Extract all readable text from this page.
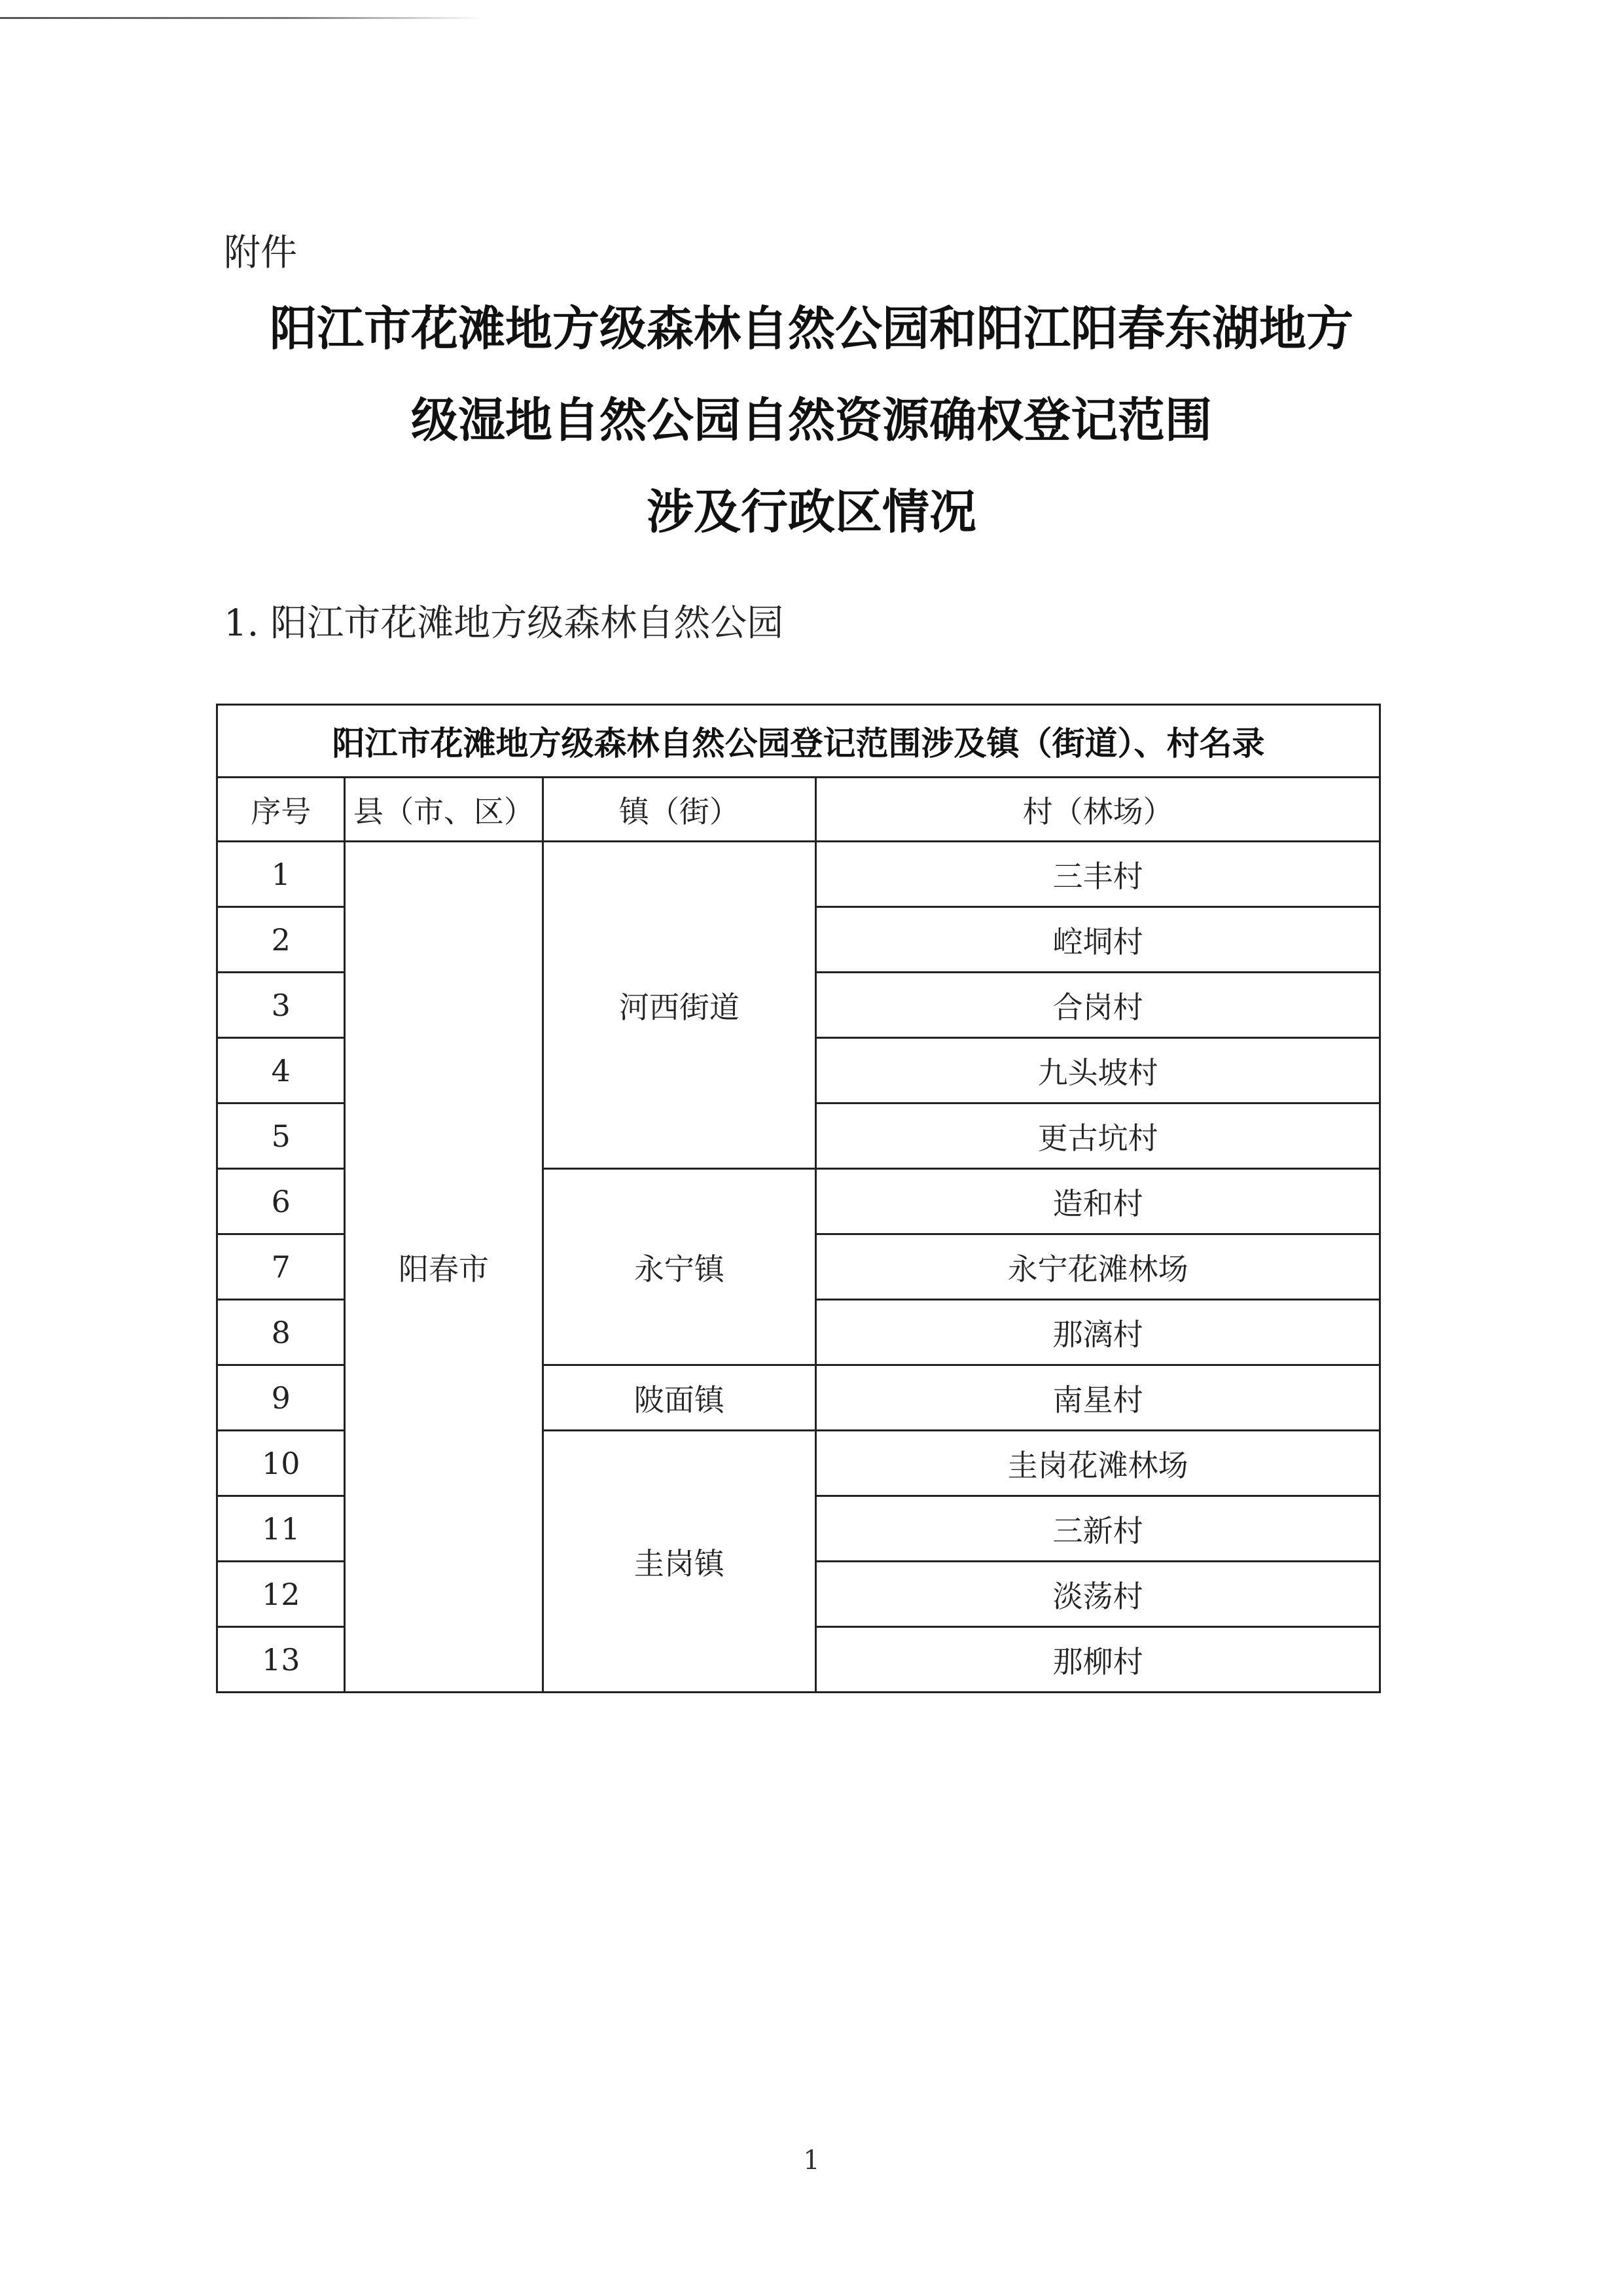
附件
阳江市花滩地方级森林自然公园和阳江阳春东湖地方
级湿地自然公园自然资源确权登记范围
涉及行政区情况
1. 阳江市花滩地方级森林自然公园
阳江市花滩地方级森林自然公园登记范围涉及镇（街道）、村名录			
序号	县（市、区）	镇（街）	村（林场）
1	阳春市	河西街道	三丰村
2			崆垌村
3			合岗村
4			九头坡村
5			更古坑村
6		永宁镇	造和村
7			永宁花滩林场
8			那漓村
9		陂面镇	南星村
10		圭岗镇	圭岗花滩林场
11			三新村
12			淡荡村
13			那柳村
1
